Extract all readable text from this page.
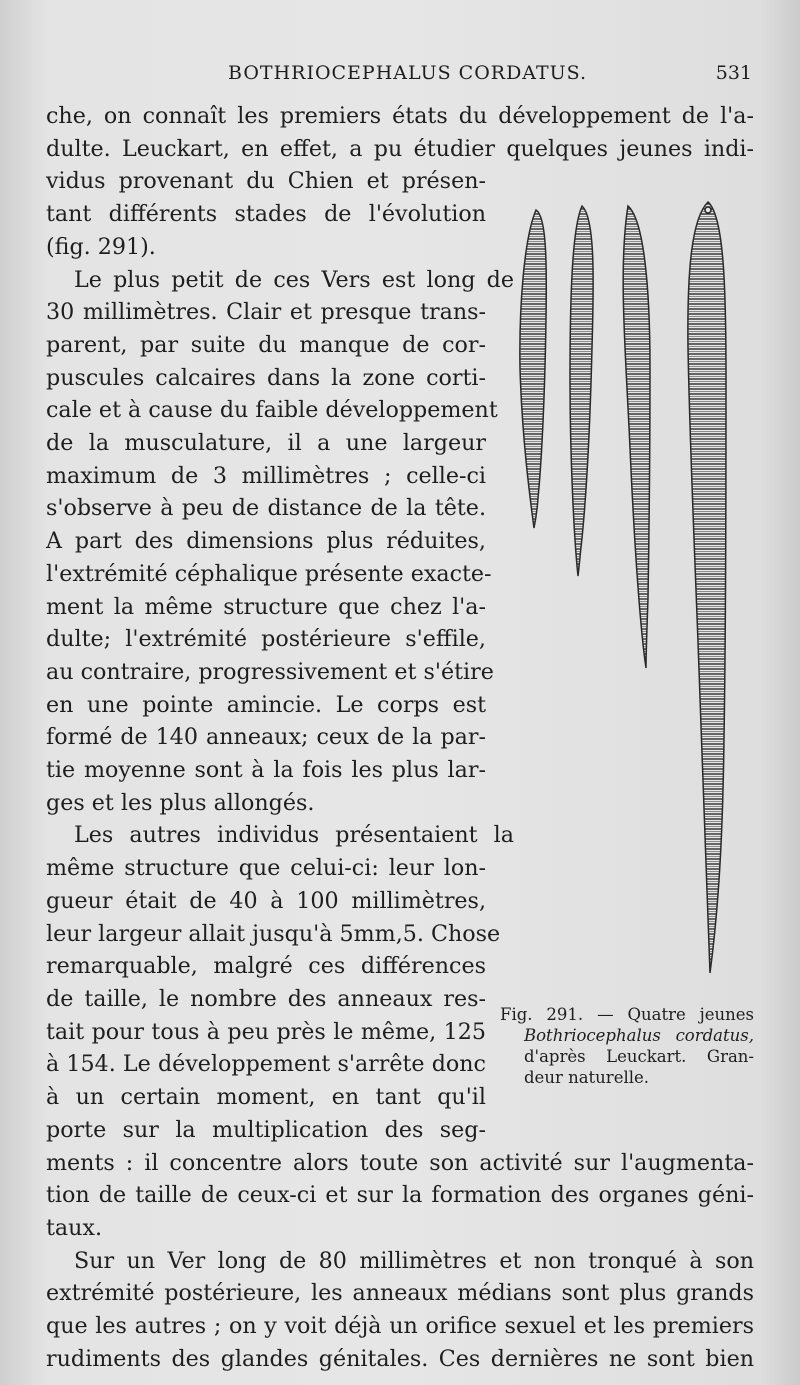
BOTHRIOCEPHALUS CORDATUS.	531

che, on connaît les premiers états du développement de l'a-
dulte. Leuckart, en effet, a pu étudier quelques jeunes indi-
vidus provenant du Chien et présen-
tant différents stades de l'évolution
(fig. 291).

Le plus petit de ces Vers est long de
30 millimètres. Clair et presque trans-
parent, par suite du manque de cor-
puscules calcaires dans la zone corti-
cale et à cause du faible développement
de la musculature, il a une largeur
maximum de 3 millimètres ; celle-ci
s'observe à peu de distance de la tête.
A part des dimensions plus réduites,
l'extrémité céphalique présente exacte-
ment la même structure que chez l'a-
dulte; l'extrémité postérieure s'effile,
au contraire, progressivement et s'étire
en une pointe amincie. Le corps est
formé de 140 anneaux; ceux de la par-
tie moyenne sont à la fois les plus lar-
ges et les plus allongés.

Les autres individus présentaient la
même structure que celui-ci: leur lon-
gueur était de 40 à 100 millimètres,
leur largeur allait jusqu'à 5mm,5. Chose
remarquable, malgré ces différences
de taille, le nombre des anneaux res-
tait pour tous à peu près le même, 125
à 154. Le développement s'arrête donc
à un certain moment, en tant qu'il
porte sur la multiplication des seg-
ments : il concentre alors toute son activité sur l'augmenta-
tion de taille de ceux-ci et sur la formation des organes géni-
taux.

Sur un Ver long de 80 millimètres et non tronqué à son
extrémité postérieure, les anneaux médians sont plus grands
que les autres ; on y voit déjà un orifice sexuel et les premiers
rudiments des glandes génitales. Ces dernières ne sont bien

Fig. 291. — Quatre jeunes
Bothriocephalus cordatus,
d'après Leuckart. Gran-
deur naturelle.
